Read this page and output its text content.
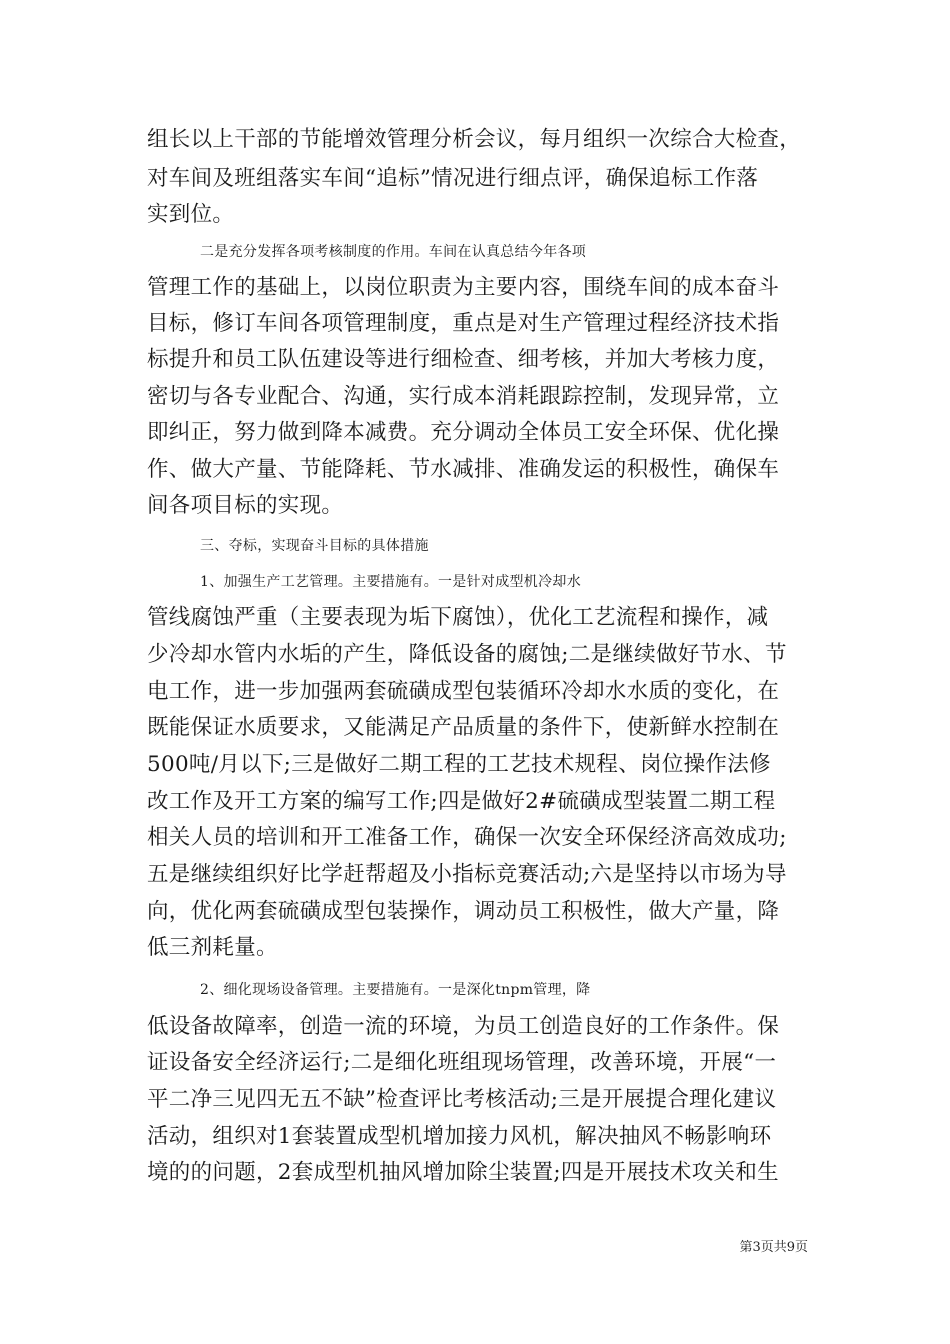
组长以上干部的节能增效管理分析会议，每月组织一次综合大检查，
对车间及班组落实车间“追标”情况进行细点评，确保追标工作落
实到位。
二是充分发挥各项考核制度的作用。车间在认真总结今年各项
管理工作的基础上，以岗位职责为主要内容，围绕车间的成本奋斗
目标，修订车间各项管理制度，重点是对生产管理过程经济技术指
标提升和员工队伍建设等进行细检查、细考核，并加大考核力度，
密切与各专业配合、沟通，实行成本消耗跟踪控制，发现异常，立
即纠正，努力做到降本减费。充分调动全体员工安全环保、优化操
作、做大产量、节能降耗、节水减排、准确发运的积极性，确保车
间各项目标的实现。
三、夺标，实现奋斗目标的具体措施
1、加强生产工艺管理。主要措施有。一是针对成型机冷却水
管线腐蚀严重（主要表现为垢下腐蚀），优化工艺流程和操作，减
少冷却水管内水垢的产生，降低设备的腐蚀;二是继续做好节水、节
电工作，进一步加强两套硫磺成型包装循环冷却水水质的变化，在
既能保证水质要求，又能满足产品质量的条件下，使新鲜水控制在
500吨/月以下;三是做好二期工程的工艺技术规程、岗位操作法修
改工作及开工方案的编写工作;四是做好2#硫磺成型装置二期工程
相关人员的培训和开工准备工作，确保一次安全环保经济高效成功;
五是继续组织好比学赶帮超及小指标竞赛活动;六是坚持以市场为导
向，优化两套硫磺成型包装操作，调动员工积极性，做大产量，降
低三剂耗量。
2、细化现场设备管理。主要措施有。一是深化tnpm管理，降
低设备故障率，创造一流的环境，为员工创造良好的工作条件。保
证设备安全经济运行;二是细化班组现场管理，改善环境，开展“一
平二净三见四无五不缺”检查评比考核活动;三是开展提合理化建议
活动，组织对1套装置成型机增加接力风机，解决抽风不畅影响环
境的的问题，2套成型机抽风增加除尘装置;四是开展技术攻关和生
第3页共9页
